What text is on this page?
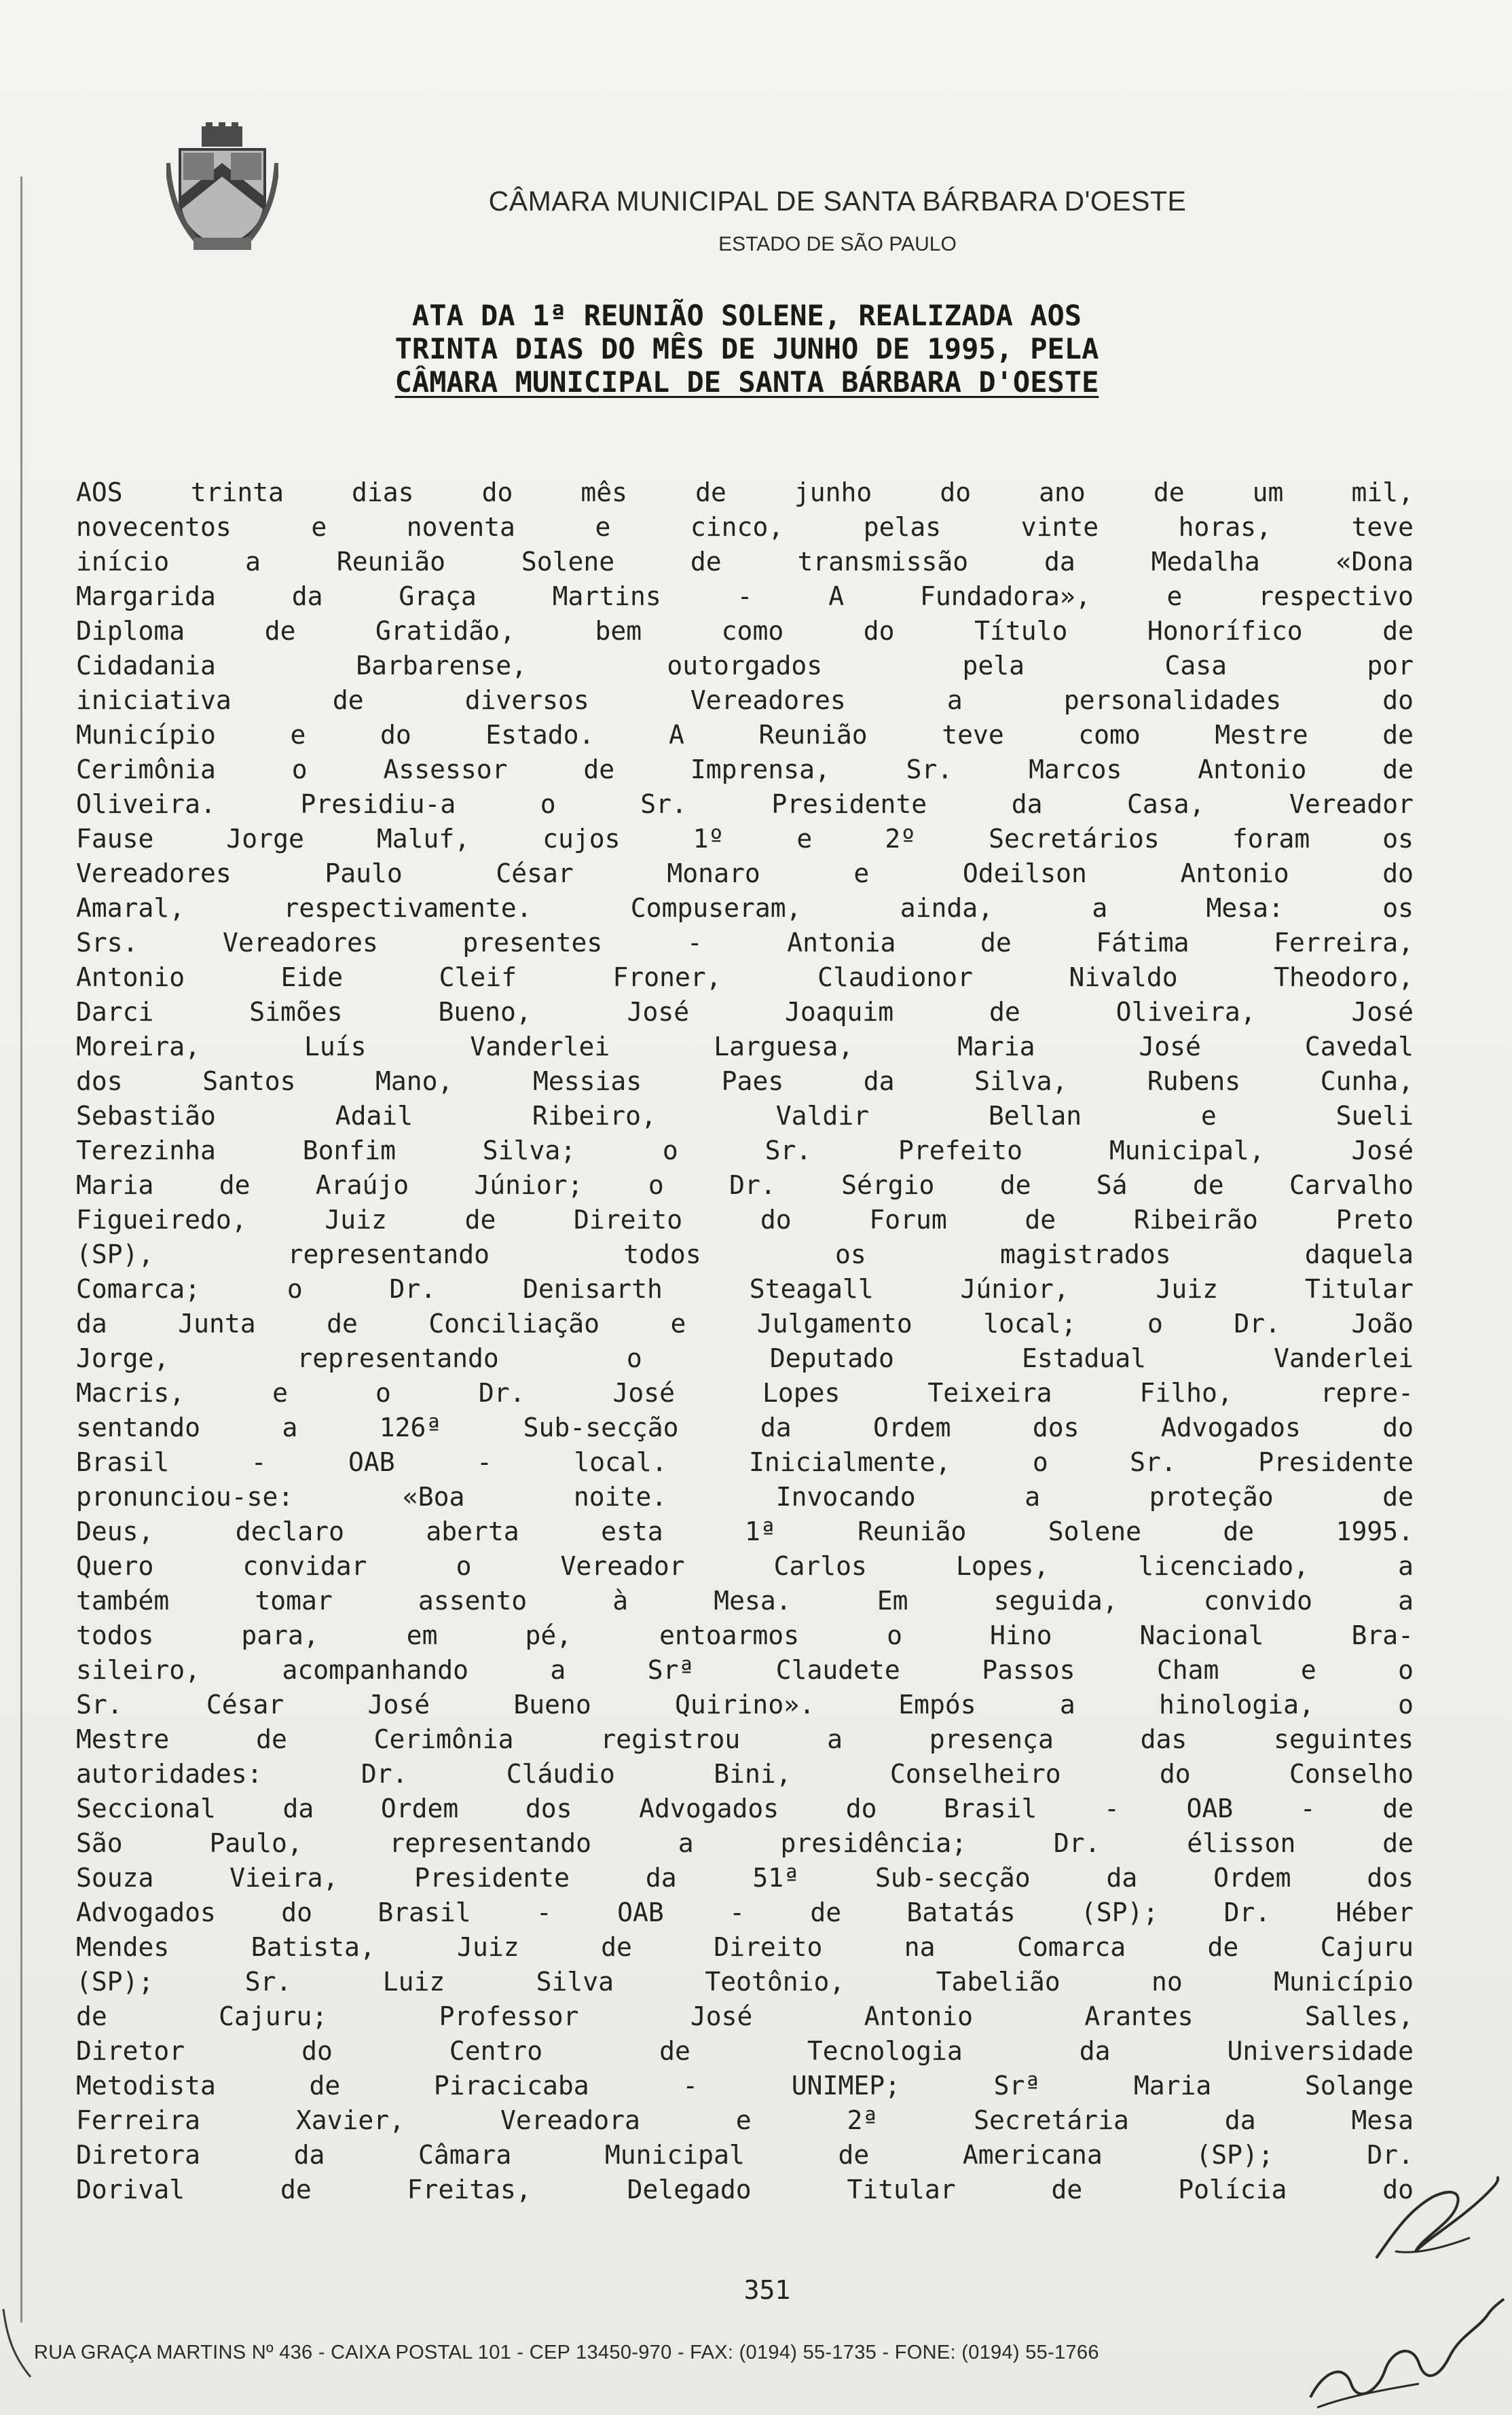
CÂMARA MUNICIPAL DE SANTA BÁRBARA D'OESTE
ESTADO DE SÃO PAULO
ATA DA 1ª REUNIÃO SOLENE, REALIZADA AOS
TRINTA DIAS DO MÊS DE JUNHO DE 1995, PELA
CÂMARA MUNICIPAL DE SANTA BÁRBARA D'OESTE
AOS trinta dias do mês de junho do ano de um mil,
novecentos e noventa e cinco, pelas vinte horas, teve
início a Reunião Solene de transmissão da Medalha «Dona
Margarida da Graça Martins - A Fundadora», e respectivo
Diploma de Gratidão, bem como do Título Honorífico de
Cidadania Barbarense, outorgados pela Casa por
iniciativa de diversos Vereadores a personalidades do
Município e do Estado. A Reunião teve como Mestre de
Cerimônia o Assessor de Imprensa, Sr. Marcos Antonio de
Oliveira. Presidiu-a o Sr. Presidente da Casa, Vereador
Fause Jorge Maluf, cujos 1º e 2º Secretários foram os
Vereadores Paulo César Monaro e Odeilson Antonio do
Amaral, respectivamente. Compuseram, ainda, a Mesa: os
Srs. Vereadores presentes - Antonia de Fátima Ferreira,
Antonio Eide Cleif Froner, Claudionor Nivaldo Theodoro,
Darci Simões Bueno, José Joaquim de Oliveira, José
Moreira, Luís Vanderlei Larguesa, Maria José Cavedal
dos Santos Mano, Messias Paes da Silva, Rubens Cunha,
Sebastião Adail Ribeiro, Valdir Bellan e Sueli
Terezinha Bonfim Silva; o Sr. Prefeito Municipal, José
Maria de Araújo Júnior; o Dr. Sérgio de Sá de Carvalho
Figueiredo, Juiz de Direito do Forum de Ribeirão Preto
(SP), representando todos os magistrados daquela
Comarca; o Dr. Denisarth Steagall Júnior, Juiz Titular
da Junta de Conciliação e Julgamento local; o Dr. João
Jorge, representando o Deputado Estadual Vanderlei
Macris, e o Dr. José Lopes Teixeira Filho, repre-
sentando a 126ª Sub-secção da Ordem dos Advogados do
Brasil - OAB - local. Inicialmente, o Sr. Presidente
pronunciou-se: «Boa noite. Invocando a proteção de
Deus, declaro aberta esta 1ª Reunião Solene de 1995.
Quero convidar o Vereador Carlos Lopes, licenciado, a
também tomar assento à Mesa. Em seguida, convido a
todos para, em pé, entoarmos o Hino Nacional Bra-
sileiro, acompanhando a Srª Claudete Passos Cham e o
Sr. César José Bueno Quirino». Empós a hinologia, o
Mestre de Cerimônia registrou a presença das seguintes
autoridades: Dr. Cláudio Bini, Conselheiro do Conselho
Seccional da Ordem dos Advogados do Brasil - OAB - de
São Paulo, representando a presidência; Dr. élisson de
Souza Vieira, Presidente da 51ª Sub-secção da Ordem dos
Advogados do Brasil - OAB - de Batatás (SP); Dr. Héber
Mendes Batista, Juiz de Direito na Comarca de Cajuru
(SP); Sr. Luiz Silva Teotônio, Tabelião no Município
de Cajuru; Professor José Antonio Arantes Salles,
Diretor do Centro de Tecnologia da Universidade
Metodista de Piracicaba - UNIMEP; Srª Maria Solange
Ferreira Xavier, Vereadora e 2ª Secretária da Mesa
Diretora da Câmara Municipal de Americana (SP); Dr.
Dorival de Freitas, Delegado Titular de Polícia do
351
RUA GRAÇA MARTINS Nº 436 - CAIXA POSTAL 101 - CEP 13450-970 - FAX: (0194) 55-1735 - FONE: (0194) 55-1766
